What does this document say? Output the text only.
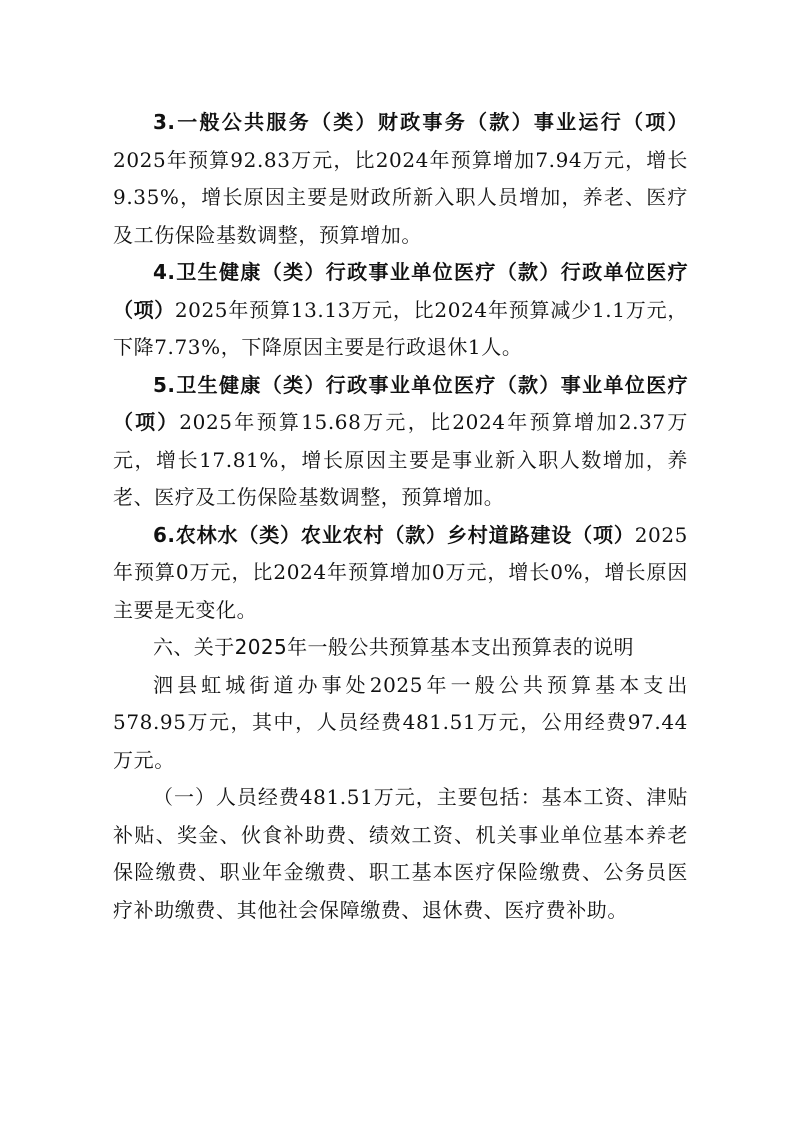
3.一般公共服务（类）财政事务（款）事业运行（项）2025年预算92.83万元，比2024年预算增加7.94万元，增长9.35%，增长原因主要是财政所新入职人员增加，养老、医疗及工伤保险基数调整，预算增加。

4.卫生健康（类）行政事业单位医疗（款）行政单位医疗（项）2025年预算13.13万元，比2024年预算减少1.1万元，下降7.73%，下降原因主要是行政退休1人。

5.卫生健康（类）行政事业单位医疗（款）事业单位医疗（项）2025年预算15.68万元，比2024年预算增加2.37万元，增长17.81%，增长原因主要是事业新入职人数增加，养老、医疗及工伤保险基数调整，预算增加。

6.农林水（类）农业农村（款）乡村道路建设（项）2025年预算0万元，比2024年预算增加0万元，增长0%，增长原因主要是无变化。

六、关于2025年一般公共预算基本支出预算表的说明

泗县虹城街道办事处2025年一般公共预算基本支出578.95万元，其中，人员经费481.51万元，公用经费97.44万元。

（一）人员经费481.51万元，主要包括：基本工资、津贴补贴、奖金、伙食补助费、绩效工资、机关事业单位基本养老保险缴费、职业年金缴费、职工基本医疗保险缴费、公务员医疗补助缴费、其他社会保障缴费、退休费、医疗费补助。
